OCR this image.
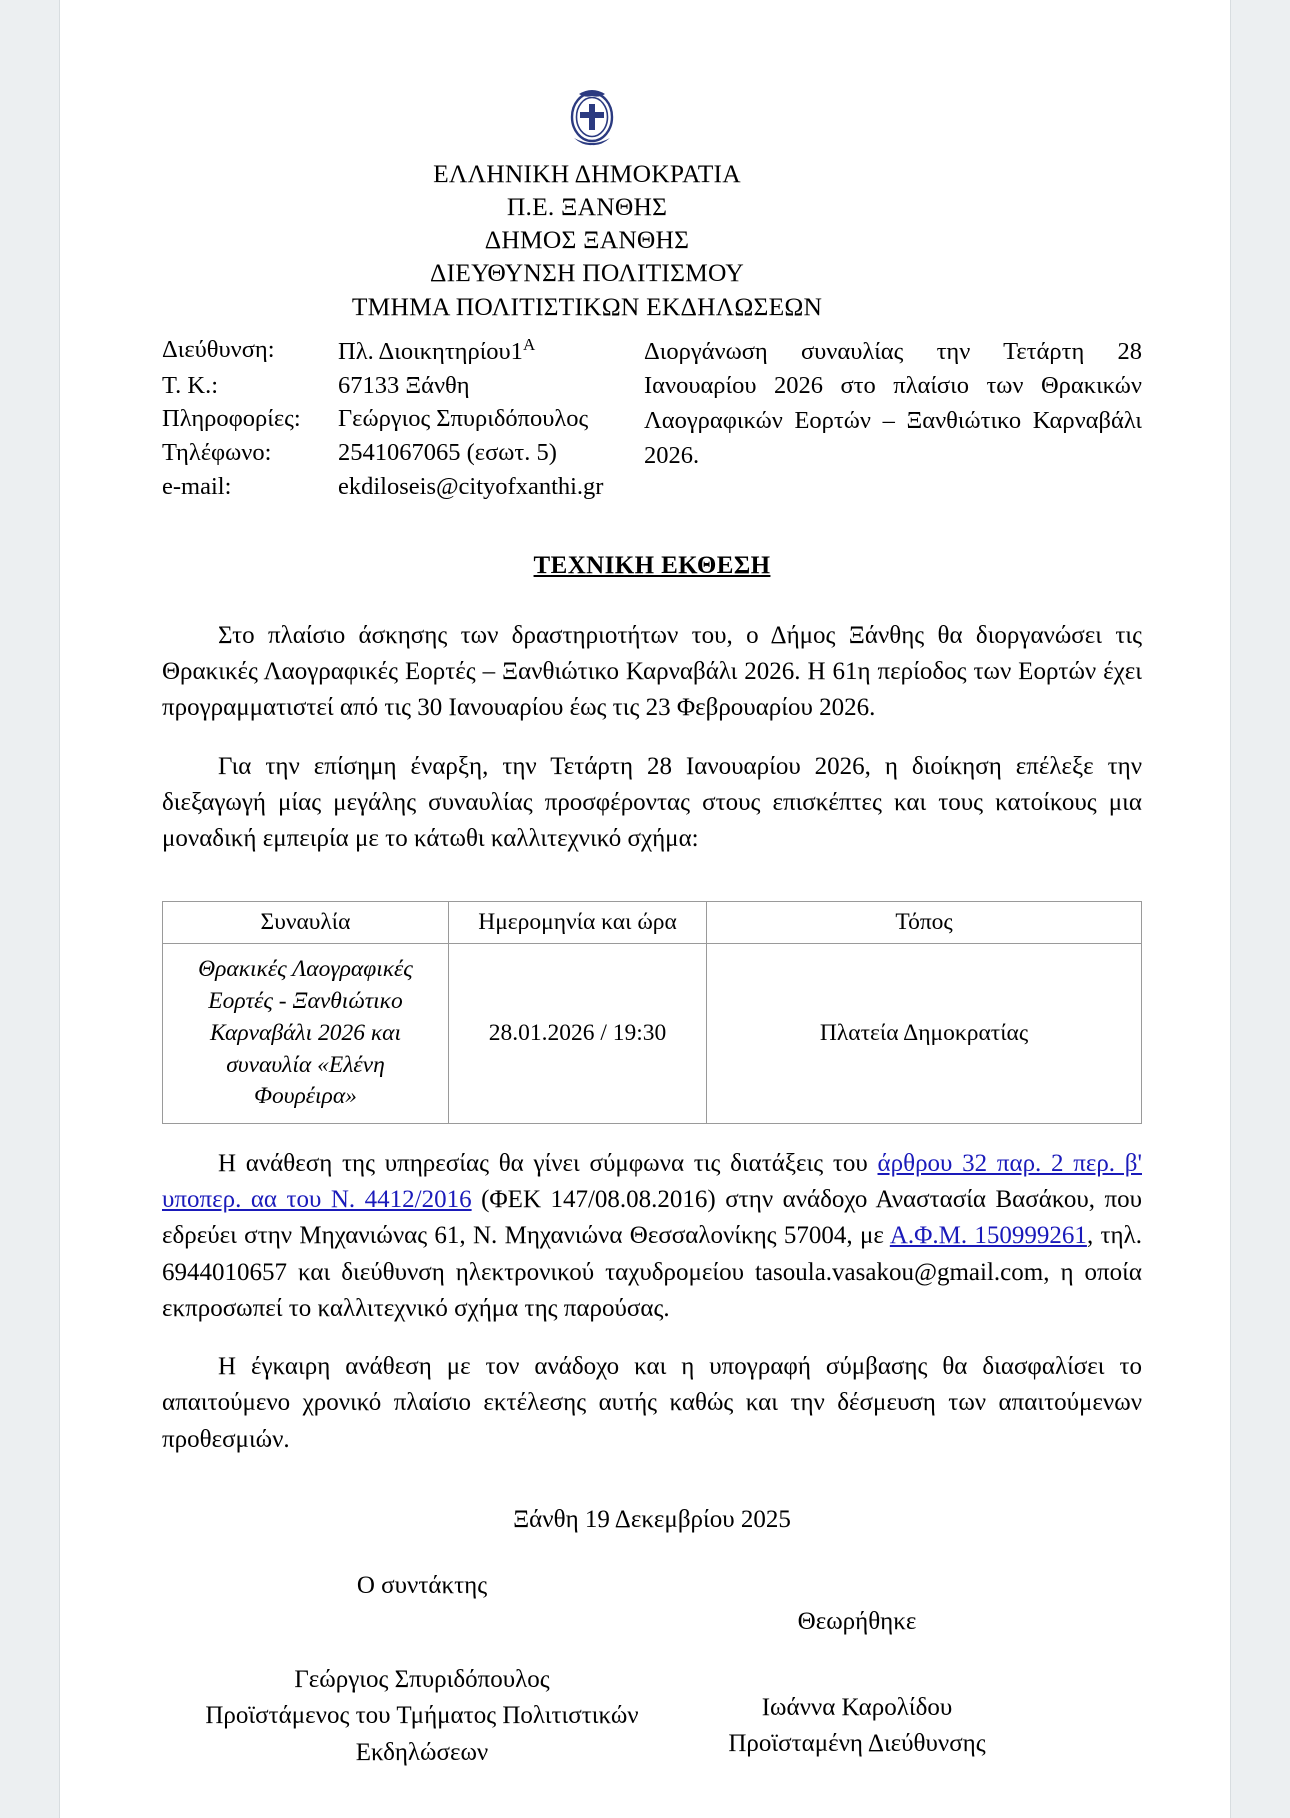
ΕΛΛΗΝΙΚΗ ΔΗΜΟΚΡΑΤΙΑ
Π.Ε. ΞΑΝΘΗΣ
ΔΗΜΟΣ ΞΑΝΘΗΣ
ΔΙΕΥΘΥΝΣΗ ΠΟΛΙΤΙΣΜΟΥ
ΤΜΗΜΑ ΠΟΛΙΤΙΣΤΙΚΩΝ ΕΚΔΗΛΩΣΕΩΝ
Διεύθυνση:	Πλ. $\Delta\iota o\iota\kappa\eta\tau\eta\rho ίo\upsilon 1^A$
Τ. Κ.:	67133 Ξάνθη
Πληροφορίες:	Γεώργιος Σπυριδόπουλος
Τηλέφωνο:	2541067065 (εσωτ. 5)
e-mail:	ekdiloseis@cityofxanthi.gr
Διοργάνωση συναυλίας την Τετάρτη 28 Ιανουαρίου 2026 στο πλαίσιο των Θρακικών Λαογραφικών Εορτών – Ξανθιώτικο Καρναβάλι 2026.
ΤΕΧΝΙΚΗ ΕΚΘΕΣΗ

Στο πλαίσιο άσκησης των δραστηριοτήτων του, ο Δήμος Ξάνθης θα διοργανώσει τις Θρακικές Λαογραφικές Εορτές – Ξανθιώτικο Καρναβάλι 2026. Η 61η περίοδος των Εορτών έχει προγραμματιστεί από τις 30 Ιανουαρίου έως τις 23 Φεβρουαρίου 2026.

Για την επίσημη έναρξη, την Τετάρτη 28 Ιανουαρίου 2026, η διοίκηση επέλεξε την διεξαγωγή μίας μεγάλης συναυλίας προσφέροντας στους επισκέπτες και τους κατοίκους μια μοναδική εμπειρία με το κάτωθι καλλιτεχνικό σχήμα:

Συναυλία	Ημερομηνία και ώρα	Τόπος
Θρακικές Λαογραφικές Εορτές - Ξανθιώτικο Καρναβάλι 2026 και συναυλία «Ελένη Φουρέιρα»	28.01.2026 / 19:30	Πλατεία Δημοκρατίας

Η ανάθεση της υπηρεσίας θα γίνει σύμφωνα τις διατάξεις του άρθρου 32 παρ. 2 περ. β' υποπερ. αα του Ν. 4412/2016 (ΦΕΚ 147/08.08.2016) στην ανάδοχο Αναστασία Βασάκου, που εδρεύει στην Μηχανιώνας 61, Ν. Μηχανιώνα Θεσσαλονίκης 57004, με Α.Φ.Μ. 150999261, τηλ. 6944010657 και διεύθυνση ηλεκτρονικού ταχυδρομείου tasoula.vasakou@gmail.com, η οποία εκπροσωπεί το καλλιτεχνικό σχήμα της παρούσας.

Η έγκαιρη ανάθεση με τον ανάδοχο και η υπογραφή σύμβασης θα διασφαλίσει το απαιτούμενο χρονικό πλαίσιο εκτέλεσης αυτής καθώς και την δέσμευση των απαιτούμενων προθεσμιών.

Ξάνθη 19 Δεκεμβρίου 2025
Ο συντάκτης
Γεώργιος Σπυριδόπουλος
Προϊστάμενος του Τμήματος Πολιτιστικών
Εκδηλώσεων
Θεωρήθηκε
Ιωάννα Καρολίδου
Προϊσταμένη Διεύθυνσης
